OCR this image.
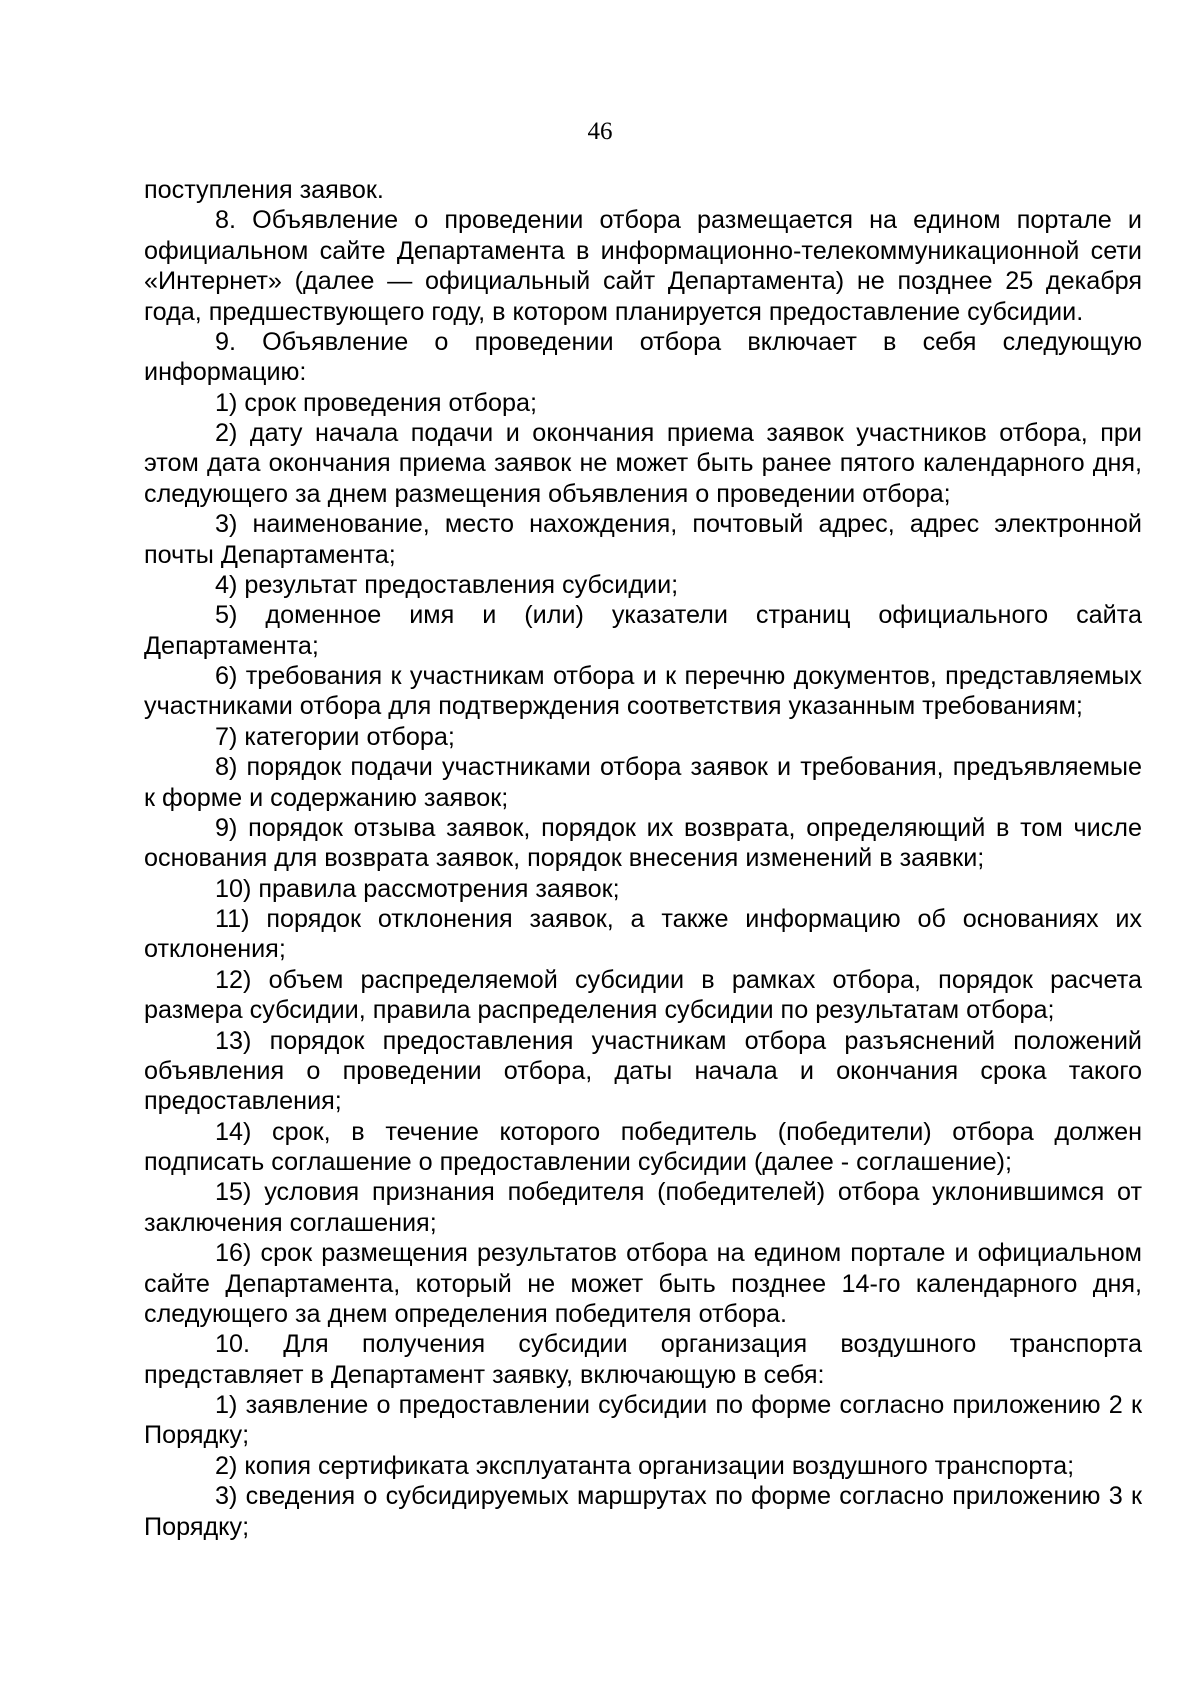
46

поступления заявок.

8. Объявление о проведении отбора размещается на едином портале и официальном сайте Департамента в информационно-телекоммуникационной сети «Интернет» (далее — официальный сайт Департамента) не позднее 25 декабря года, предшествующего году, в котором планируется предоставление субсидии.

9. Объявление о проведении отбора включает в себя следующую информацию:

1) срок проведения отбора;

2) дату начала подачи и окончания приема заявок участников отбора, при этом дата окончания приема заявок не может быть ранее пятого календарного дня, следующего за днем размещения объявления о проведении отбора;

3) наименование, место нахождения, почтовый адрес, адрес электронной почты Департамента;

4) результат предоставления субсидии;

5) доменное имя и (или) указатели страниц официального сайта Департамента;

6) требования к участникам отбора и к перечню документов, представляемых участниками отбора для подтверждения соответствия указанным требованиям;

7) категории отбора;

8) порядок подачи участниками отбора заявок и требования, предъявляемые к форме и содержанию заявок;

9) порядок отзыва заявок, порядок их возврата, определяющий в том числе основания для возврата заявок, порядок внесения изменений в заявки;

10) правила рассмотрения заявок;

11) порядок отклонения заявок, а также информацию об основаниях их отклонения;

12) объем распределяемой субсидии в рамках отбора, порядок расчета размера субсидии, правила распределения субсидии по результатам отбора;

13) порядок предоставления участникам отбора разъяснений положений объявления о проведении отбора, даты начала и окончания срока такого предоставления;

14) срок, в течение которого победитель (победители) отбора должен подписать соглашение о предоставлении субсидии (далее - соглашение);

15) условия признания победителя (победителей) отбора уклонившимся от заключения соглашения;

16) срок размещения результатов отбора на едином портале и официальном сайте Департамента, который не может быть позднее 14-го календарного дня, следующего за днем определения победителя отбора.

10. Для получения субсидии организация воздушного транспорта представляет в Департамент заявку, включающую в себя:

1) заявление о предоставлении субсидии по форме согласно приложению 2 к Порядку;

2) копия сертификата эксплуатанта организации воздушного транспорта;

3) сведения о субсидируемых маршрутах по форме согласно приложению 3 к Порядку;
